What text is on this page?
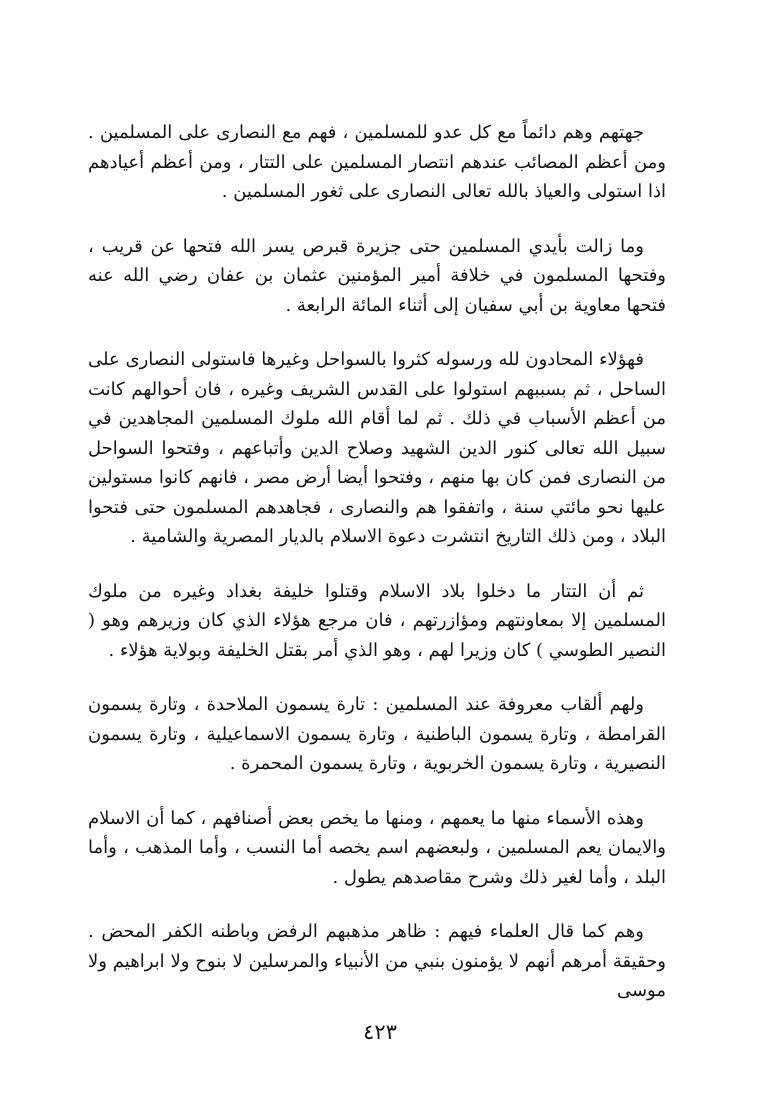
جهتهم وهم دائماً مع كل عدو للمسلمين ، فهم مع النصارى على المسلمين . ومن أعظم المصائب عندهم انتصار المسلمين على التتار ، ومن أعظم أعيادهم اذا استولى والعياذ بالله تعالى النصارى على ثغور المسلمين .

وما زالت بأيدي المسلمين حتى جزيرة قبرص يسر الله فتحها عن قريب ، وفتحها المسلمون في خلافة أمير المؤمنين عثمان بن عفان رضي الله عنه فتحها معاوية بن أبي سفيان إلى أثناء المائة الرابعة .

فهؤلاء المحادون لله ورسوله كثروا بالسواحل وغيرها فاستولى النصارى على الساحل ، ثم بسببهم استولوا على القدس الشريف وغيره ، فان أحوالهم كانت من أعظم الأسباب في ذلك . ثم لما أقام الله ملوك المسلمين المجاهدين في سبيل الله تعالى كنور الدين الشهيد وصلاح الدين وأتباعهم ، وفتحوا السواحل من النصارى فمن كان بها منهم ، وفتحوا أيضا أرض مصر ، فانهم كانوا مستولين عليها نحو مائتي سنة ، واتفقوا هم والنصارى ، فجاهدهم المسلمون حتى فتحوا البلاد ، ومن ذلك التاريخ انتشرت دعوة الاسلام بالديار المصرية والشامية .

ثم أن التتار ما دخلوا بلاد الاسلام وقتلوا خليفة بغداد وغيره من ملوك المسلمين إلا بمعاونتهم ومؤازرتهم ، فان مرجع هؤلاء الذي كان وزيرهم وهو ( النصير الطوسي ) كان وزيرا لهم ، وهو الذي أمر بقتل الخليفة وبولاية هؤلاء .

ولهم ألقاب معروفة عند المسلمين : تارة يسمون الملاحدة ، وتارة يسمون القرامطة ، وتارة يسمون الباطنية ، وتارة يسمون الاسماعيلية ، وتارة يسمون النصيرية ، وتارة يسمون الخربوية ، وتارة يسمون المحمرة .

وهذه الأسماء منها ما يعمهم ، ومنها ما يخص بعض أصنافهم ، كما أن الاسلام والايمان يعم المسلمين ، ولبعضهم اسم يخصه أما النسب ، وأما المذهب ، وأما البلد ، وأما لغير ذلك وشرح مقاصدهم يطول .

وهم كما قال العلماء فيهم : ظاهر مذهبهم الرفض وباطنه الكفر المحض . وحقيقة أمرهم أنهم لا يؤمنون بنبي من الأنبياء والمرسلين لا بنوح ولا ابراهيم ولا موسى

٤٢٣
